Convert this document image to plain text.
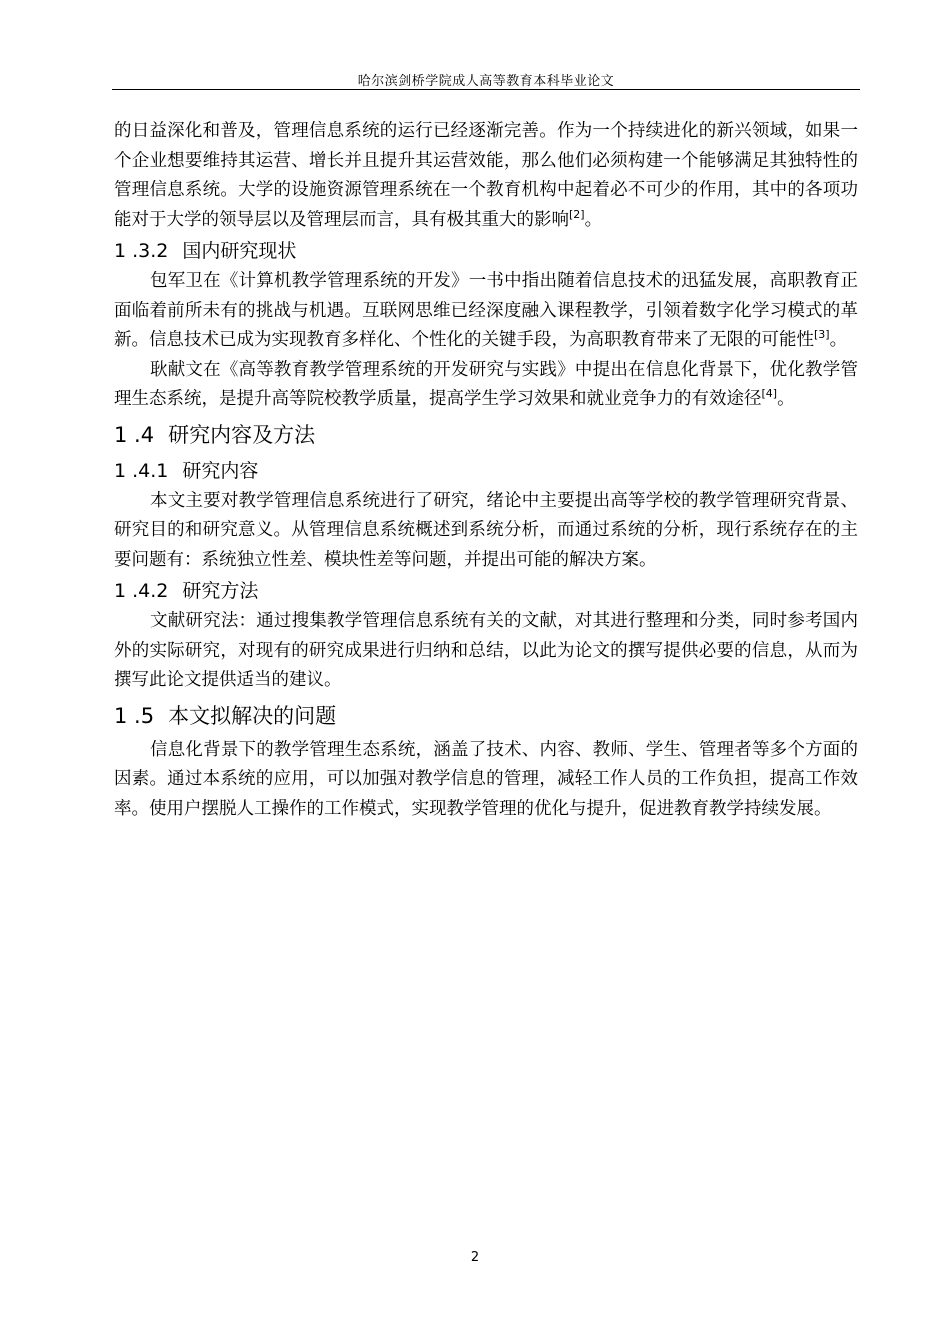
哈尔滨剑桥学院成人高等教育本科毕业论文

的日益深化和普及，管理信息系统的运行已经逐渐完善。作为一个持续进化的新兴领域，如果一个企业想要维持其运营、增长并且提升其运营效能，那么他们必须构建一个能够满足其独特性的管理信息系统。大学的设施资源管理系统在一个教育机构中起着必不可少的作用，其中的各项功能对于大学的领导层以及管理层而言，具有极其重大的影响[2]。

1 .3.2 国内研究现状

包军卫在《计算机教学管理系统的开发》一书中指出随着信息技术的迅猛发展，高职教育正面临着前所未有的挑战与机遇。互联网思维已经深度融入课程教学，引领着数字化学习模式的革新。信息技术已成为实现教育多样化、个性化的关键手段，为高职教育带来了无限的可能性[3]。

耿献文在《高等教育教学管理系统的开发研究与实践》中提出在信息化背景下，优化教学管理生态系统，是提升高等院校教学质量，提高学生学习效果和就业竞争力的有效途径[4]。

1 .4 研究内容及方法
1 .4.1 研究内容

本文主要对教学管理信息系统进行了研究，绪论中主要提出高等学校的教学管理研究背景、研究目的和研究意义。从管理信息系统概述到系统分析，而通过系统的分析，现行系统存在的主要问题有：系统独立性差、模块性差等问题，并提出可能的解决方案。

1 .4.2 研究方法

文献研究法：通过搜集教学管理信息系统有关的文献，对其进行整理和分类，同时参考国内外的实际研究，对现有的研究成果进行归纳和总结，以此为论文的撰写提供必要的信息，从而为撰写此论文提供适当的建议。

1 .5 本文拟解决的问题

信息化背景下的教学管理生态系统，涵盖了技术、内容、教师、学生、管理者等多个方面的因素。通过本系统的应用，可以加强对教学信息的管理，减轻工作人员的工作负担，提高工作效率。使用户摆脱人工操作的工作模式，实现教学管理的优化与提升，促进教育教学持续发展。

2
